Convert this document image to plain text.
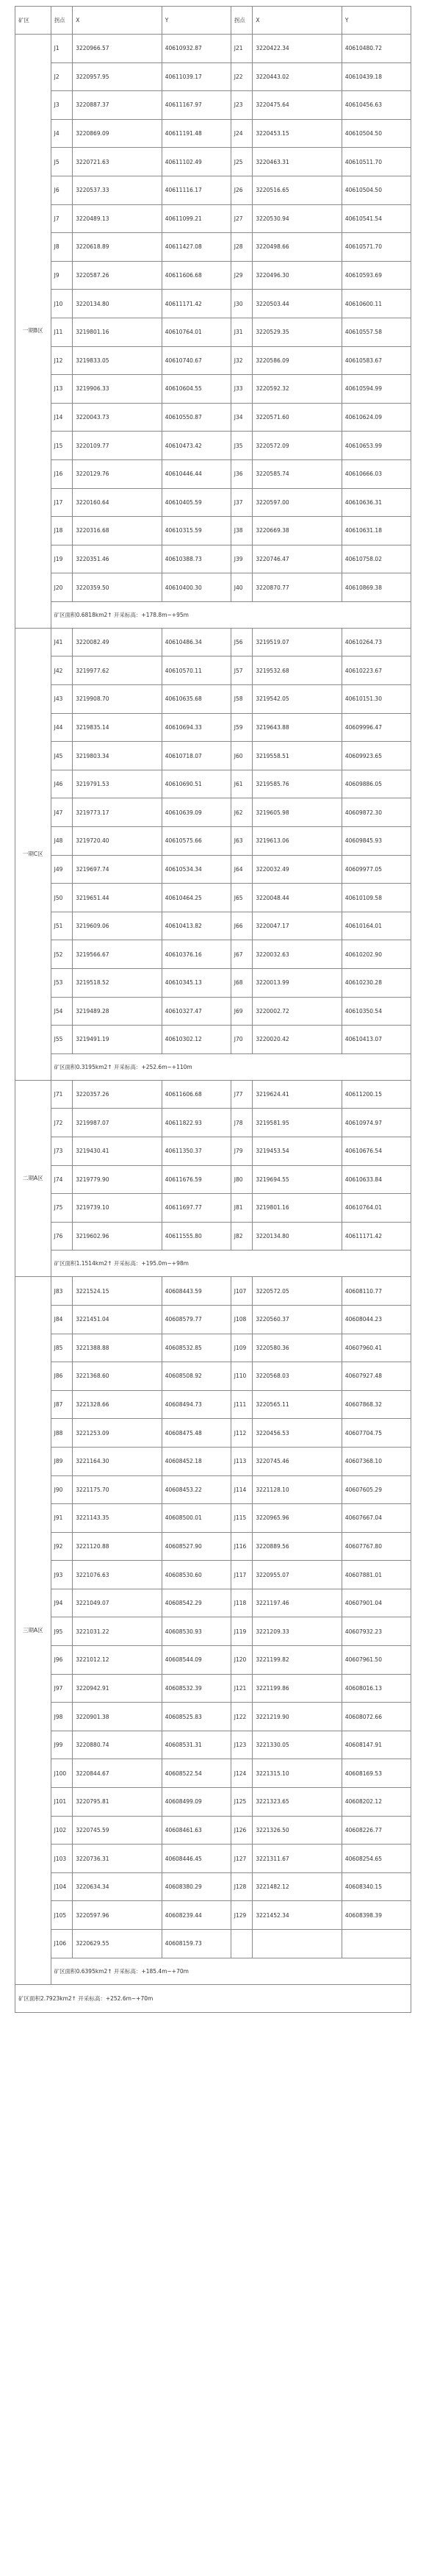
矿区	拐点	X	Y	拐点	X	Y
一期B区	J1	3220966.57	40610932.87	J21	3220422.34	40610480.72
	J2	3220957.95	40611039.17	J22	3220443.02	40610439.18
	J3	3220887.37	40611167.97	J23	3220475.64	40610456.63
	J4	3220869.09	40611191.48	J24	3220453.15	40610504.50
	J5	3220721.63	40611102.49	J25	3220463.31	40610511.70
	J6	3220537.33	40611116.17	J26	3220516.65	40610504.50
	J7	3220489.13	40611099.21	J27	3220530.94	40610541.54
	J8	3220618.89	40611427.08	J28	3220498.66	40610571.70
	J9	3220587.26	40611606.68	J29	3220496.30	40610593.69
	J10	3220134.80	40611171.42	J30	3220503.44	40610600.11
	J11	3219801.16	40610764.01	J31	3220529.35	40610557.58
	J12	3219833.05	40610740.67	J32	3220586.09	40610583.67
	J13	3219906.33	40610604.55	J33	3220592.32	40610594.99
	J14	3220043.73	40610550.87	J34	3220571.60	40610624.09
	J15	3220109.77	40610473.42	J35	3220572.09	40610653.99
	J16	3220129.76	40610446.44	J36	3220585.74	40610666.03
	J17	3220160.64	40610405.59	J37	3220597.00	40610636.31
	J18	3220316.68	40610315.59	J38	3220669.38	40610631.18
	J19	3220351.46	40610388.73	J39	3220746.47	40610758.02
	J20	3220359.50	40610400.30	J40	3220870.77	40610869.38
	矿区面积0.6818km2↑ 开采标高：+178.8m~+95m					
一期C区	J41	3220082.49	40610486.34	J56	3219519.07	40610264.73
	J42	3219977.62	40610570.11	J57	3219532.68	40610223.67
	J43	3219908.70	40610635.68	J58	3219542.05	40610151.30
	J44	3219835.14	40610694.33	J59	3219643.88	40609996.47
	J45	3219803.34	40610718.07	J60	3219558.51	40609923.65
	J46	3219791.53	40610690.51	J61	3219585.76	40609886.05
	J47	3219773.17	40610639.09	J62	3219605.98	40609872.30
	J48	3219720.40	40610575.66	J63	3219613.06	40609845.93
	J49	3219697.74	40610534.34	J64	3220032.49	40609977.05
	J50	3219651.44	40610464.25	J65	3220048.44	40610109.58
	J51	3219609.06	40610413.82	J66	3220047.17	40610164.01
	J52	3219566.67	40610376.16	J67	3220032.63	40610202.90
	J53	3219518.52	40610345.13	J68	3220013.99	40610230.28
	J54	3219489.28	40610327.47	J69	3220002.72	40610350.54
	J55	3219491.19	40610302.12	J70	3220020.42	40610413.07
	矿区面积0.3195km2↑ 开采标高：+252.6m~+110m					
二期A区	J71	3220357.26	40611606.68	J77	3219624.41	40611200.15
	J72	3219987.07	40611822.93	J78	3219581.95	40610974.97
	J73	3219430.41	40611350.37	J79	3219453.54	40610676.54
	J74	3219779.90	40611676.59	J80	3219694.55	40610633.84
	J75	3219739.10	40611697.77	J81	3219801.16	40610764.01
	J76	3219602.96	40611555.80	J82	3220134.80	40611171.42
	矿区面积1.1514km2↑ 开采标高：+195.0m~+98m					
三期A区	J83	3221524.15	40608443.59	J107	3220572.05	40608110.77
	J84	3221451.04	40608579.77	J108	3220560.37	40608044.23
	J85	3221388.88	40608532.85	J109	3220580.36	40607960.41
	J86	3221368.60	40608508.92	J110	3220568.03	40607927.48
	J87	3221328.66	40608494.73	J111	3220565.11	40607868.32
	J88	3221253.09	40608475.48	J112	3220456.53	40607704.75
	J89	3221164.30	40608452.18	J113	3220745.46	40607368.10
	J90	3221175.70	40608453.22	J114	3221128.10	40607605.29
	J91	3221143.35	40608500.01	J115	3220965.96	40607667.04
	J92	3221120.88	40608527.90	J116	3220889.56	40607767.80
	J93	3221076.63	40608530.60	J117	3220955.07	40607881.01
	J94	3221049.07	40608542.29	J118	3221197.46	40607901.04
	J95	3221031.22	40608530.93	J119	3221209.33	40607932.23
	J96	3221012.12	40608544.09	J120	3221199.82	40607961.50
	J97	3220942.91	40608532.39	J121	3221199.86	40608016.13
	J98	3220901.38	40608525.83	J122	3221219.90	40608072.66
	J99	3220880.74	40608531.31	J123	3221330.05	40608147.91
	J100	3220844.67	40608522.54	J124	3221315.10	40608169.53
	J101	3220795.81	40608499.09	J125	3221323.65	40608202.12
	J102	3220745.59	40608461.63	J126	3221326.50	40608226.77
	J103	3220736.31	40608446.45	J127	3221311.67	40608254.65
	J104	3220634.34	40608380.29	J128	3221482.12	40608340.15
	J105	3220597.96	40608239.44	J129	3221452.34	40608398.39
	J106	3220629.55	40608159.73			
	矿区面积0.6395km2↑ 开采标高：+185.4m~+70m					
矿区面积2.7923km2↑ 开采标高：+252.6m~+70m						
